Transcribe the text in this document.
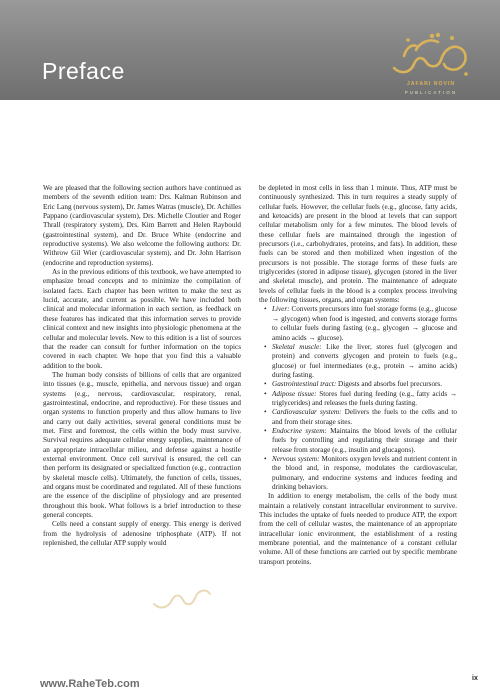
Preface	JAFARI NOVIN
PUBLICATION

We are pleased that the following section authors have continued as members of the seventh edition team: Drs. Kalman Rubinson and Eric Lang (nervous system), Dr. James Watras (muscle), Dr. Achilles Pappano (cardiovascular system), Drs. Michelle Cloutier and Roger Thrall (respiratory system), Drs. Kim Barrett and Helen Raybould (gastrointestinal system), and Dr. Bruce White (endocrine and reproductive systems). We also welcome the following authors: Dr. Withrow Gil Wier (cardiovascular system), and Dr. John Harrison (endocrine and reproduction systems).

As in the previous editions of this textbook, we have attempted to emphasize broad concepts and to minimize the compilation of isolated facts. Each chapter has been written to make the text as lucid, accurate, and current as possible. We have included both clinical and molecular information in each section, as feedback on these features has indicated that this information serves to provide clinical context and new insights into physiologic phenomena at the cellular and molecular levels. New to this edition is a list of sources that the reader can consult for further information on the topics covered in each chapter. We hope that you find this a valuable addition to the book.

The human body consists of billions of cells that are organized into tissues (e.g., muscle, epithelia, and nervous tissue) and organ systems (e.g., nervous, cardiovascular, respiratory, renal, gastrointestinal, endocrine, and reproductive). For these tissues and organ systems to function properly and thus allow humans to live and carry out daily activities, several general conditions must be met. First and foremost, the cells within the body must survive. Survival requires adequate cellular energy supplies, maintenance of an appropriate intracellular milieu, and defense against a hostile external environment. Once cell survival is ensured, the cell can then perform its designated or specialized function (e.g., contraction by skeletal muscle cells). Ultimately, the function of cells, tissues, and organs must be coordinated and regulated. All of these functions are the essence of the discipline of physiology and are presented throughout this book. What follows is a brief introduction to these general concepts.

Cells need a constant supply of energy. This energy is derived from the hydrolysis of adenosine triphosphate (ATP). If not replenished, the cellular ATP supply would

be depleted in most cells in less than 1 minute. Thus, ATP must be continuously synthesized. This in turn requires a steady supply of cellular fuels. However, the cellular fuels (e.g., glucose, fatty acids, and ketoacids) are present in the blood at levels that can support cellular metabolism only for a few minutes. The blood levels of these cellular fuels are maintained through the ingestion of precursors (i.e., carbohydrates, proteins, and fats). In addition, these fuels can be stored and then mobilized when ingestion of the precursors is not possible. The storage forms of these fuels are triglycerides (stored in adipose tissue), glycogen (stored in the liver and skeletal muscle), and protein. The maintenance of adequate levels of cellular fuels in the blood is a complex process involving the following tissues, organs, and organ systems:

• Liver: Converts precursors into fuel storage forms (e.g., glucose → glycogen) when food is ingested, and converts storage forms to cellular fuels during fasting (e.g., glycogen → glucose and amino acids → glucose).
• Skeletal muscle: Like the liver, stores fuel (glycogen and protein) and converts glycogen and protein to fuels (e.g., glucose) or fuel intermediates (e.g., protein → amino acids) during fasting.
• Gastrointestinal tract: Digests and absorbs fuel precursors.
• Adipose tissue: Stores fuel during feeding (e.g., fatty acids → triglycerides) and releases the fuels during fasting.
• Cardiovascular system: Delivers the fuels to the cells and to and from their storage sites.
• Endocrine system: Maintains the blood levels of the cellular fuels by controlling and regulating their storage and their release from storage (e.g., insulin and glucagons).
• Nervous system: Monitors oxygen levels and nutrient content in the blood and, in response, modulates the cardiovascular, pulmonary, and endocrine systems and induces feeding and drinking behaviors.

In addition to energy metabolism, the cells of the body must maintain a relatively constant intracellular environment to survive. This includes the uptake of fuels needed to produce ATP, the export from the cell of cellular wastes, the maintenance of an appropriate intracellular ionic environment, the establishment of a resting membrane potential, and the maintenance of a constant cellular volume. All of these functions are carried out by specific membrane transport proteins.

www.RaheTeb.com	ix
